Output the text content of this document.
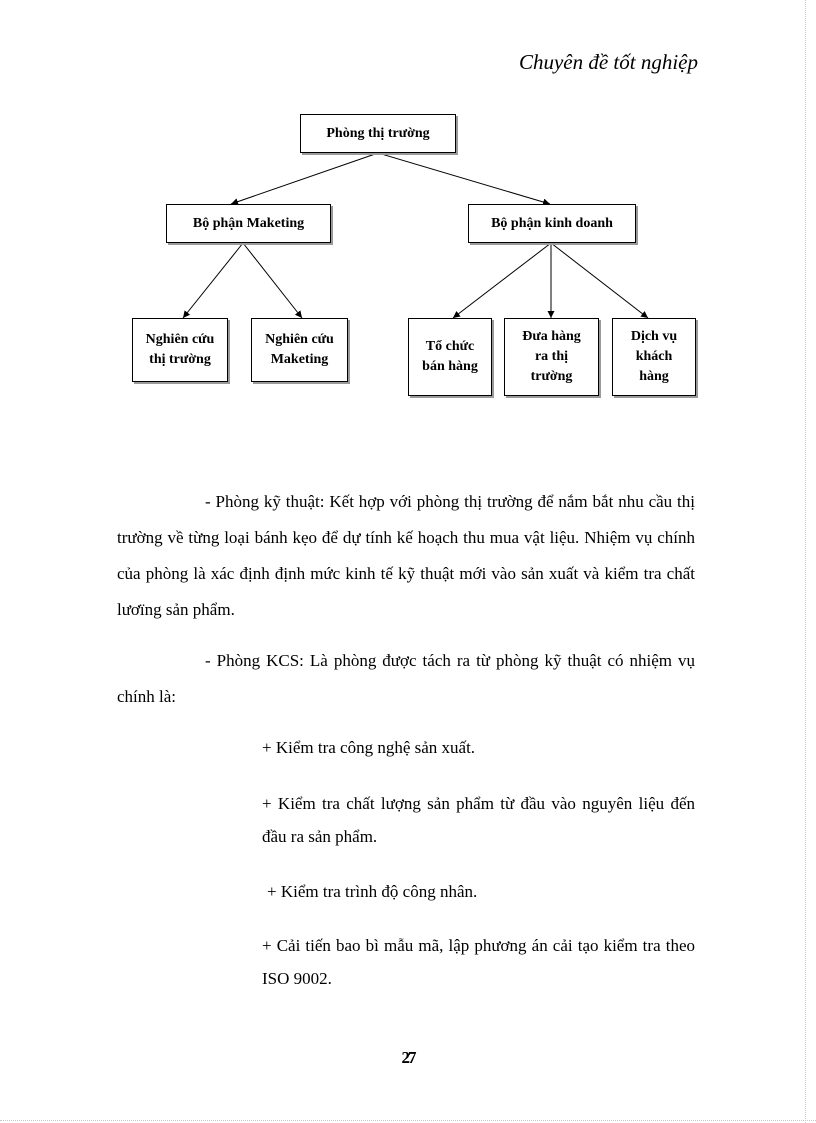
Chuyên đề tốt nghiệp
Phòng thị trường
Bộ phận Maketing	Bộ phận kinh doanh
Nghiên cứu
thị trường
Nghiên cứu
Maketing
Tổ chức
bán hàng
Đưa hàng
ra thị
trường
Dịch vụ
khách
hàng
- Phòng kỹ thuật: Kết hợp với phòng thị trường để nắm bắt nhu cầu thị trường về từng loại bánh kẹo để dự tính kế hoạch thu mua vật liệu. Nhiệm vụ chính của phòng là xác định định mức kinh tế kỹ thuật mới vào sản xuất và kiểm tra chất lươïng sản phẩm.
- Phòng KCS: Là phòng được tách ra từ phòng kỹ thuật có nhiệm vụ chính là:
+ Kiểm tra công nghệ sản xuất.
+ Kiểm tra chất lượng sản phẩm từ đầu vào nguyên liệu đến đầu ra sản phẩm.
+ Kiểm tra trình độ công nhân.
+ Cải tiến bao bì mẫu mã, lập phương án cải tạo kiểm tra theo ISO 9002.
27
